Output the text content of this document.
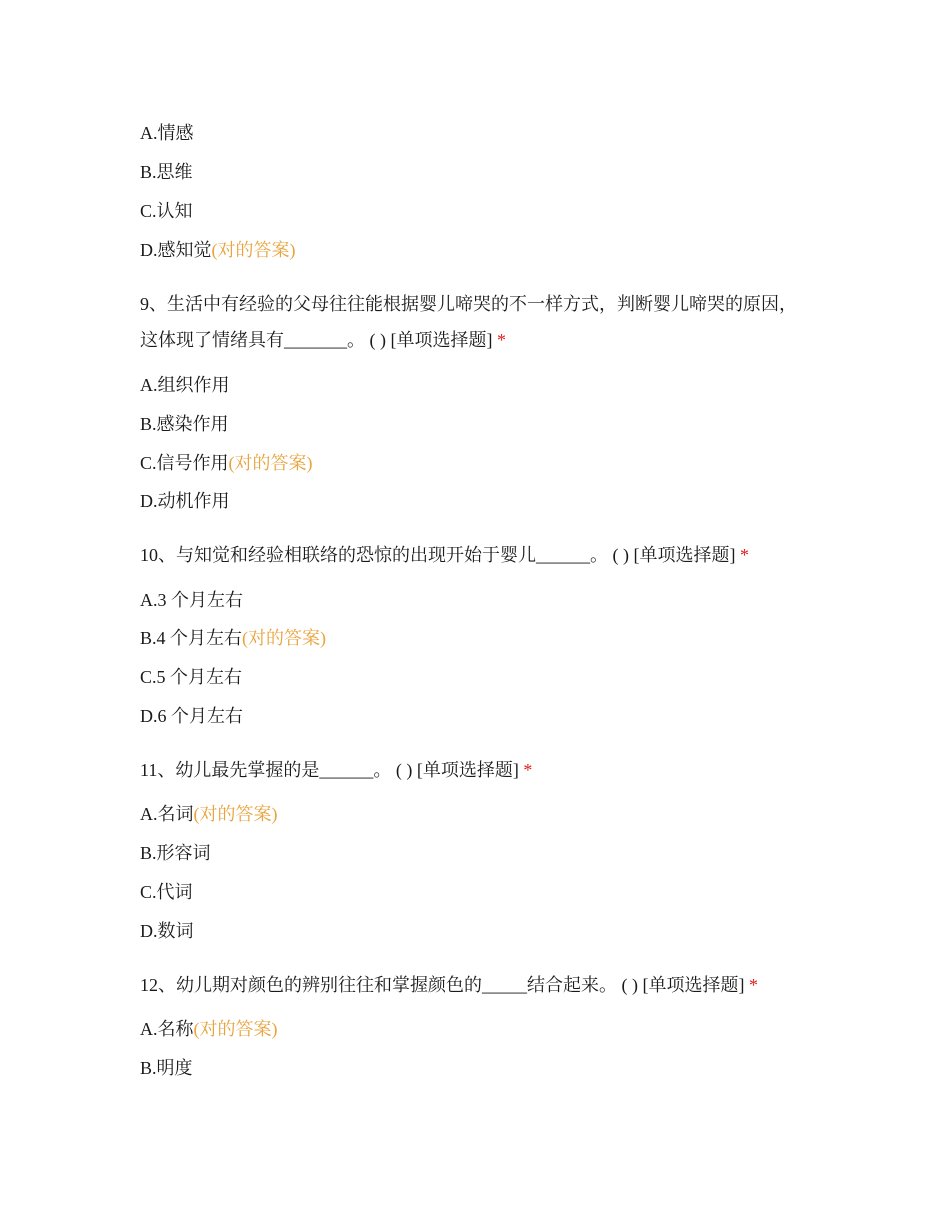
A.情感
B.思维
C.认知
D.感知觉(对的答案)
9、生活中有经验的父母往往能根据婴儿啼哭的不一样方式，判断婴儿啼哭的原因，
这体现了情绪具有_______。 ( ) [单项选择题] *
A.组织作用
B.感染作用
C.信号作用(对的答案)
D.动机作用
10、与知觉和经验相联络的恐惊的出现开始于婴儿______。 ( ) [单项选择题] *
A.3 个月左右
B.4 个月左右(对的答案)
C.5 个月左右
D.6 个月左右
11、幼儿最先掌握的是______。 ( ) [单项选择题] *
A.名词(对的答案)
B.形容词
C.代词
D.数词
12、幼儿期对颜色的辨别往往和掌握颜色的_____结合起来。 ( ) [单项选择题] *
A.名称(对的答案)
B.明度
